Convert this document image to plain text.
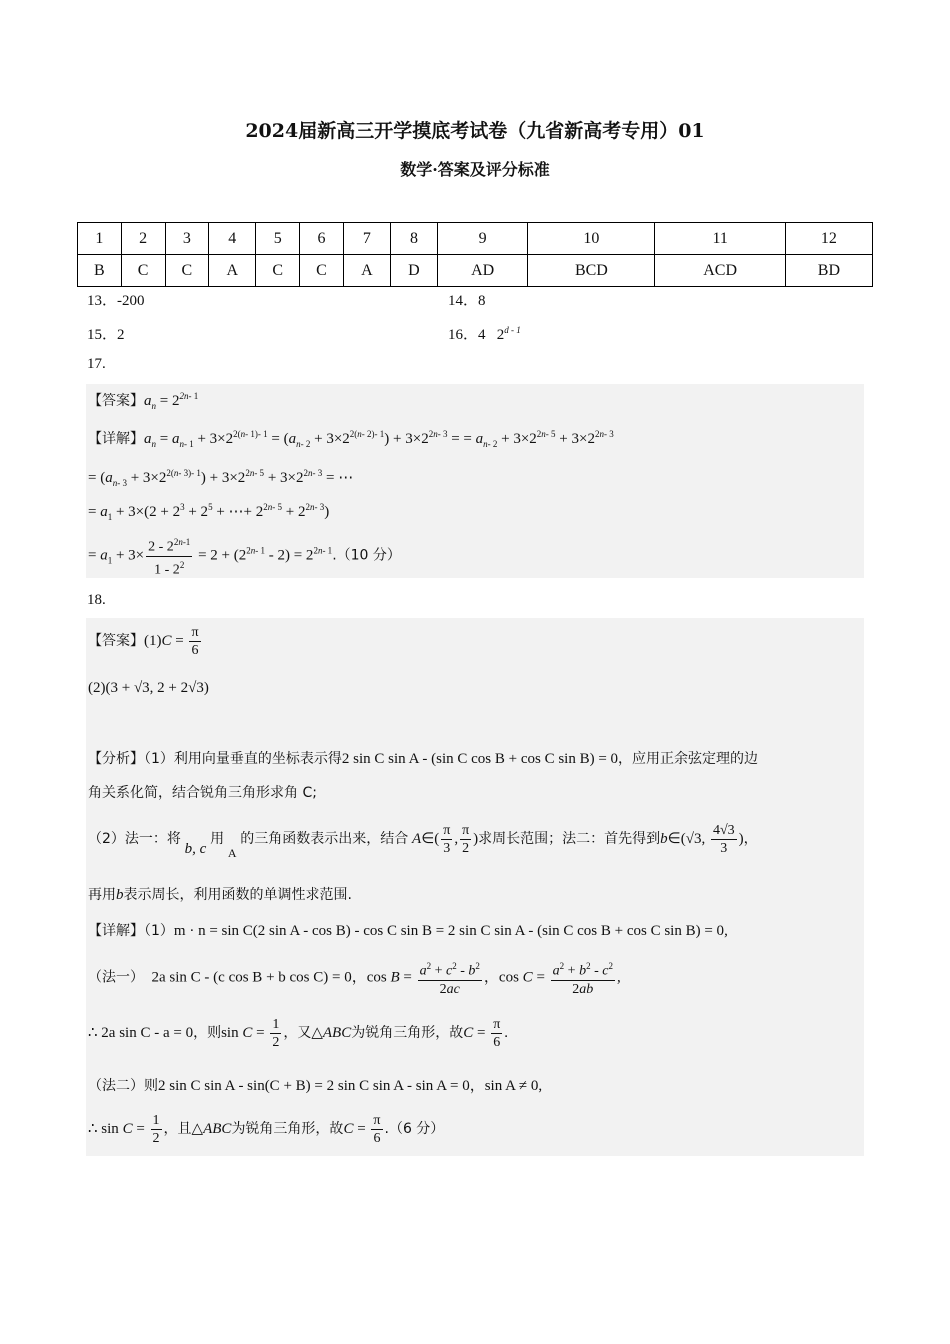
2024届新高三开学摸底考试卷（九省新高考专用）01
数学·答案及评分标准
1	2	3	4	5	6	7	8	9	10	11	12
B	C	C	A	C	C	A	D	AD	BCD	ACD	BD
13．-200	14．8
15．2	16．4 2$^{d - 1}$
17.
【答案】$a_n = 2^{2n- 1}$
【详解】$a_n = a_{n- 1} + 3\times 2^{2(n- 1)- 1} = (a_{n- 2} + 3\times 2^{2(n- 2)- 1}) + 3\times 2^{2n- 3}$ = = $a_{n- 2} + 3\times 2^{2n- 5} + 3\times 2^{2n- 3}$
= $(a_{n- 3} + 3\times 2^{2(n- 3)- 1}) + 3\times 2^{2n- 5} + 3\times 2^{2n- 3}$ = ⋯
= $a_1 + 3\times(2 + 2^3 + 2^5$ + ⋯+ $2^{2n- 5} + 2^{2n- 3}$)
= $a_1 + 3\times \frac{2 - 2^{2n-1}}{1 - 2^2} = 2 + (2^{2n- 1} - 2) = 2^{2n- 1}.(10$ 分）
18.
【答案】$(1)C = \frac{\pi}{6}$
(2)(3 + √3, 2 + 2√3)
【分析】（1）利用向量垂直的坐标表示得2 sin C sin A - (sin C cos B + cos C sin B) = 0，应用正余弦定理的边
角关系化简，结合锐角三角形求角 C;
（2）法一：将 b, c 用 $_A$ 的三角函数表示出来，结合 A∈( $\frac{\pi}{3}$ , $\frac{\pi}{2}$ )求周长范围；法二：首先得到b∈(√3, $\frac{4√3}{3}$ )，
再用b表示周长，利用函数的单调性求范围.
【详解】（1）m · n = sin C(2 sin A - cos B) - cos C sin B = 2 sin C sin A - (sin C cos B + cos C sin B) = 0,
（法一） 2a sin C - (c cos B + b cos C) = 0，$\cos B = \frac{a^2 + c^2 - b^2}{2ac}$ ，$\cos C = \frac{a^2 + b^2 - c^2}{2ab}$ ,
∴ 2a sin C - a = 0，则$\sin C = \frac{1}{2}$ ，又△ABC为锐角三角形，故$C = \frac{\pi}{6}$ .
（法二）则2 sin C sin A - sin(C + B) = 2 sin C sin A - sin A = 0，sin A ≠ 0,
∴ $\sin C = \frac{1}{2}$ ，且△ABC为锐角三角形，故$C = \frac{\pi}{6} .(6$ 分）
